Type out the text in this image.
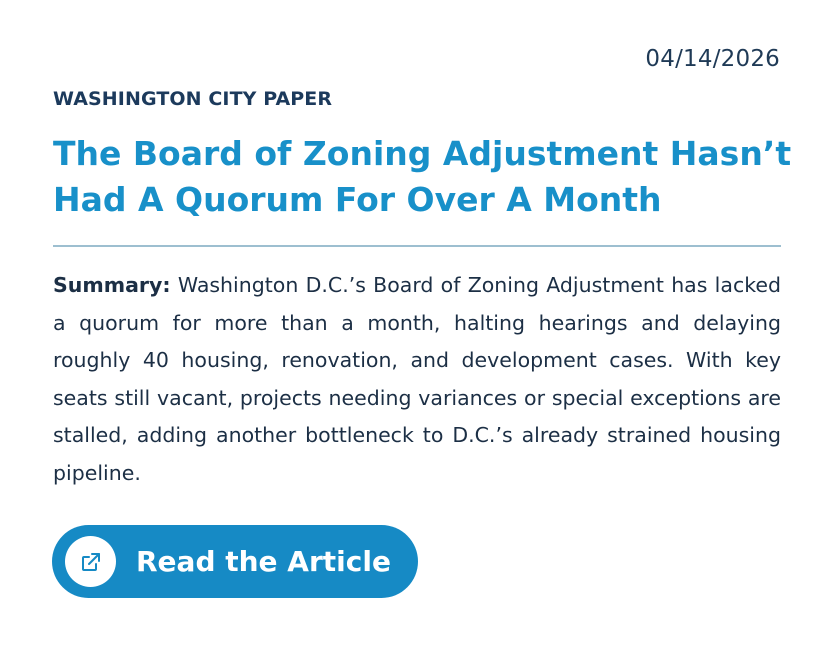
04/14/2026
WASHINGTON CITY PAPER
The Board of Zoning Adjustment Hasn’t Had A Quorum For Over A Month

Summary: Washington D.C.’s Board of Zoning Adjustment has lacked a quorum for more than a month, halting hearings and delaying roughly 40 housing, renovation, and development cases. With key seats still vacant, projects needing variances or special exceptions are stalled, adding another bottleneck to D.C.’s already strained housing pipeline.

Read the Article
